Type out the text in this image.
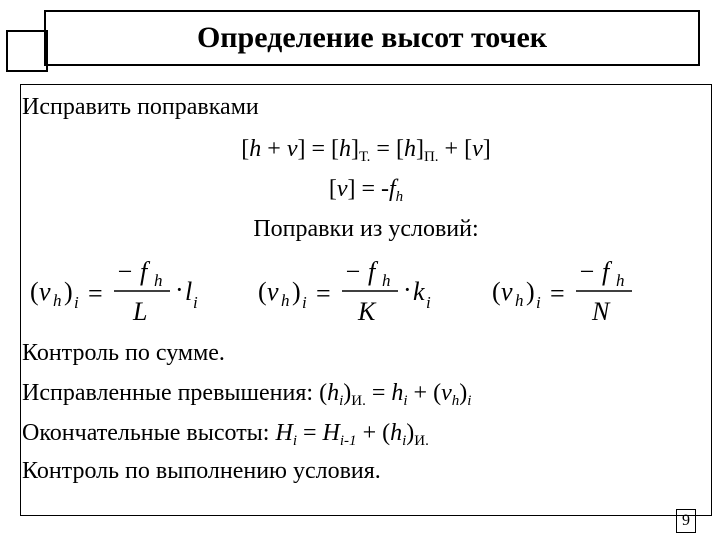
Определение высот точек
Исправить поправками
$[h + v] = [h]_{Т.} = [h]_{П.} + [v]$
$[v] = -f_h$
Поправки из условий:
( v h ) i =
− f h
L
· l i ( v h ) i =
− f h
K
· k i ( v h ) i =
− f h
N
Контроль по сумме.
Исправленные превышения: $(h_i)_{И.} = h_i + (v_h)_i$
Окончательные высоты: $H_i = H_{i-1} + (h_i)_{И.}$
Контроль по выполнению условия.
9
